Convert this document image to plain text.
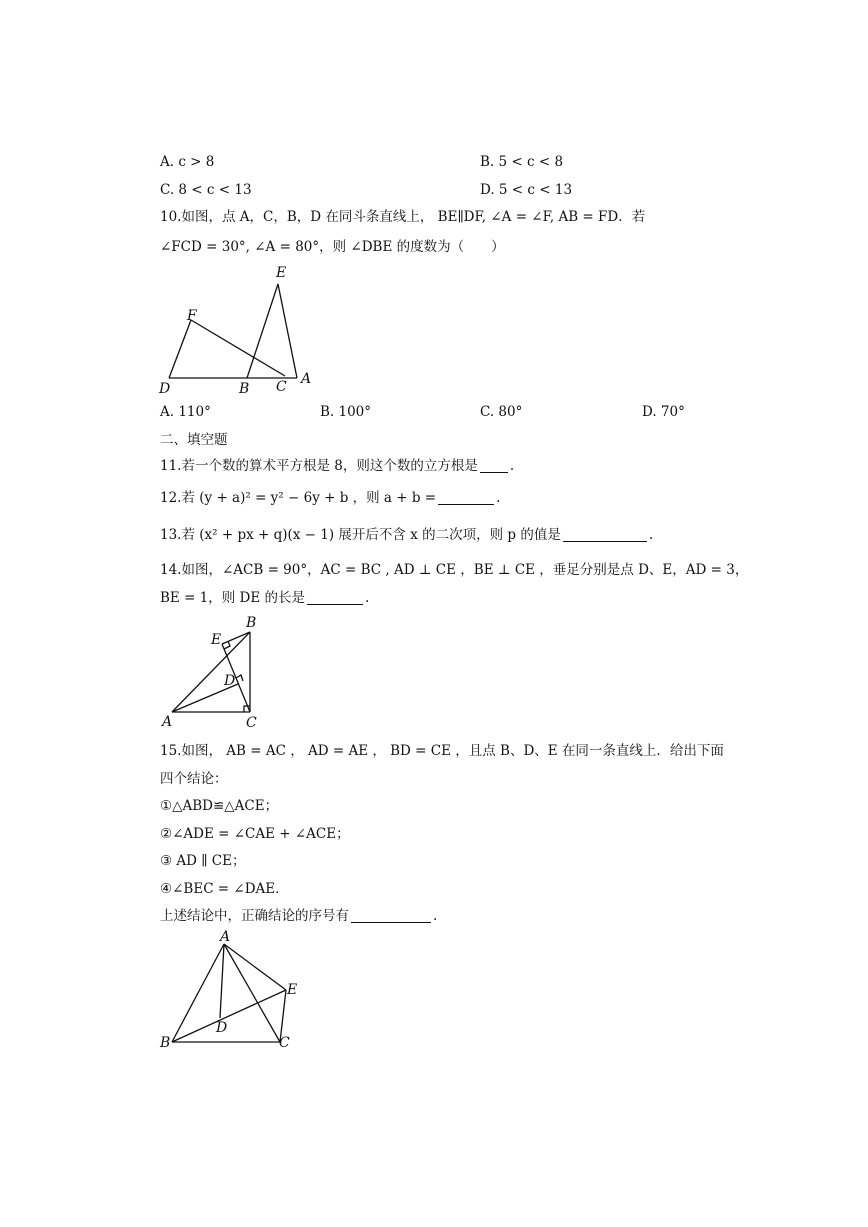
A. c > 8	B. 5 < c < 8
C. 8 < c < 13	D. 5 < c < 13
10.如图，点 A，C，B，D 在同斗条直线上， BE∥DF, ∠A = ∠F, AB = FD．若
∠FCD = 30°, ∠A = 80°，则 ∠DBE 的度数为（　　）
E
F
D	B C A
A. 110°	B. 100°	C. 80°	D. 70°
二、填空题
11.若一个数的算术平方根是 8，则这个数的立方根是 .
12.若 (y + a)² = y² − 6y + b ，则 a + b =	.
13.若 (x² + px + q)(x − 1) 展开后不含 x 的二次项，则 p 的值是	.
14.如图，∠ACB = 90°，AC = BC , AD ⊥ CE ，BE ⊥ CE ，垂足分别是点 D、E，AD = 3，
BE = 1，则 DE 的长是	.
B
E
D
A	C
15.如图， AB = AC ， AD = AE ， BD = CE ，且点 B、D、E 在同一条直线上．给出下面
四个结论：
①△ABD≌△ACE；
②∠ADE = ∠CAE + ∠ACE；
③ AD ∥ CE；
④∠BEC = ∠DAE．
上述结论中，正确结论的序号有	.
A
E
D
B	C
